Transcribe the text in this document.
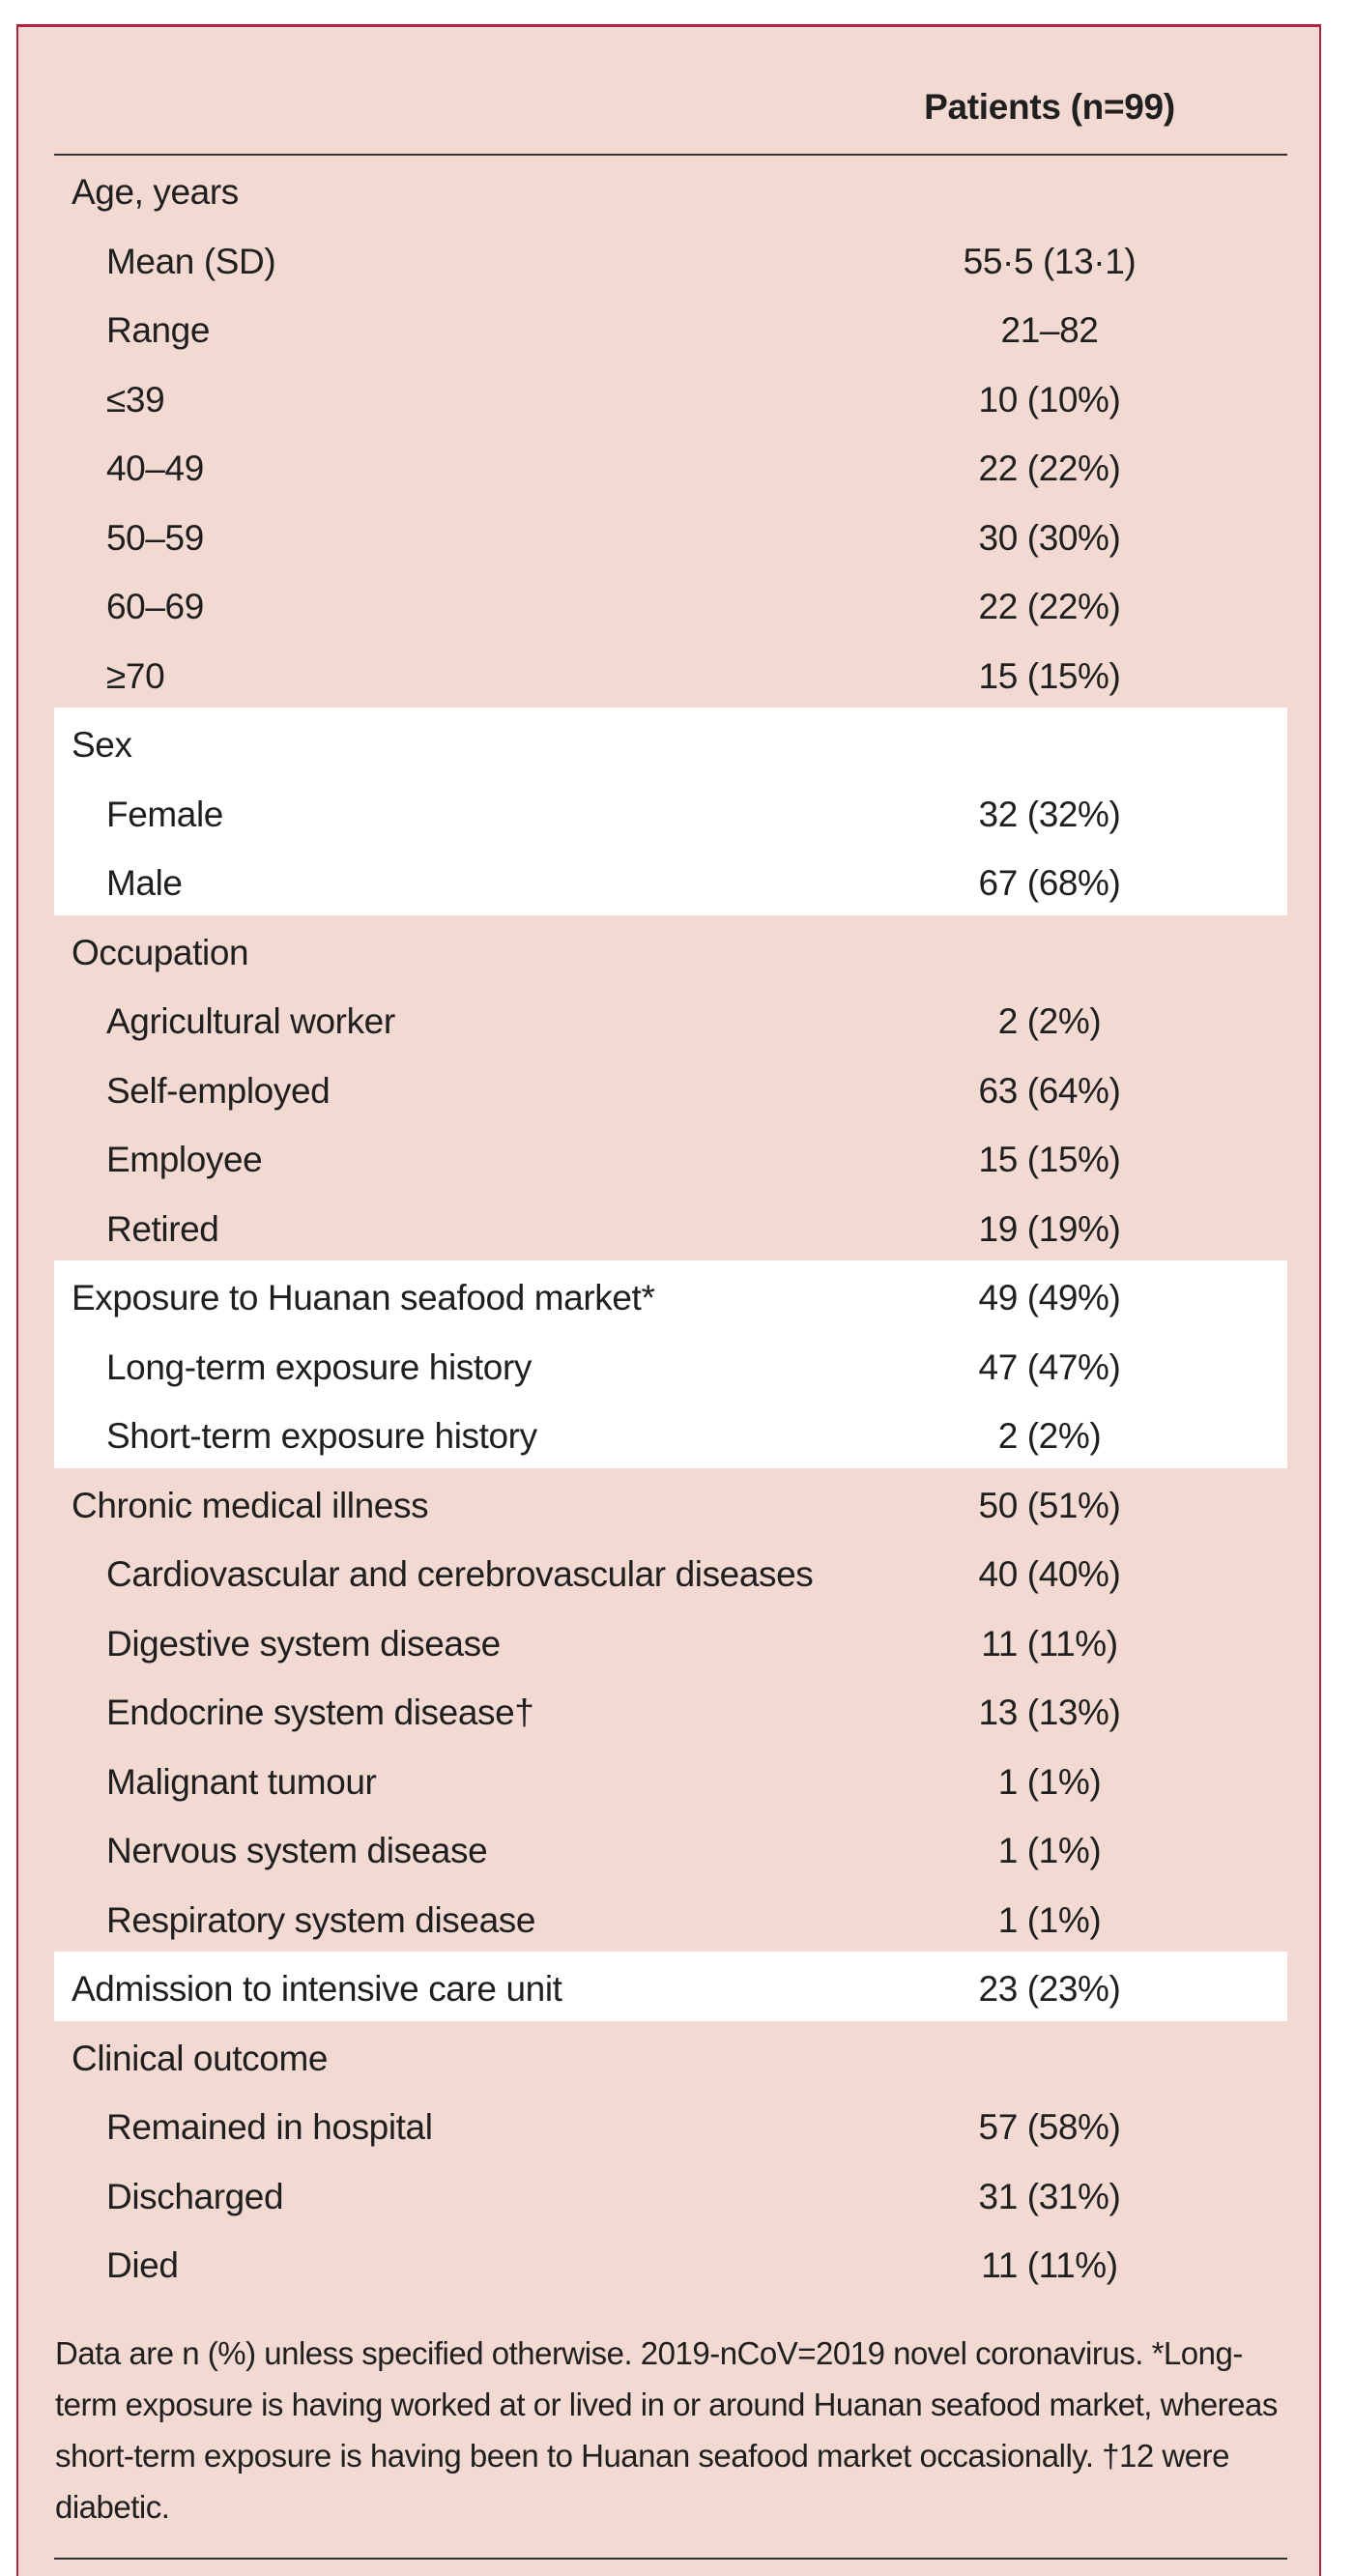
Patients (n=99)
Age, years
Mean (SD)	55·5 (13·1)
Range	21–82
≤39	10 (10%)
40–49	22 (22%)
50–59	30 (30%)
60–69	22 (22%)
≥70	15 (15%)
Sex
Female	32 (32%)
Male	67 (68%)
Occupation
Agricultural worker	2 (2%)
Self-employed	63 (64%)
Employee	15 (15%)
Retired	19 (19%)
Exposure to Huanan seafood market*	49 (49%)
Long-term exposure history	47 (47%)
Short-term exposure history	2 (2%)
Chronic medical illness	50 (51%)
Cardiovascular and cerebrovascular diseases	40 (40%)
Digestive system disease	11 (11%)
Endocrine system disease†	13 (13%)
Malignant tumour	1 (1%)
Nervous system disease	1 (1%)
Respiratory system disease	1 (1%)
Admission to intensive care unit	23 (23%)
Clinical outcome
Remained in hospital	57 (58%)
Discharged	31 (31%)
Died	11 (11%)
Data are n (%) unless specified otherwise. 2019-nCoV=2019 novel coronavirus. *Long-term exposure is having worked at or lived in or around Huanan seafood market, whereas short-term exposure is having been to Huanan seafood market occasionally. †12 were diabetic.
